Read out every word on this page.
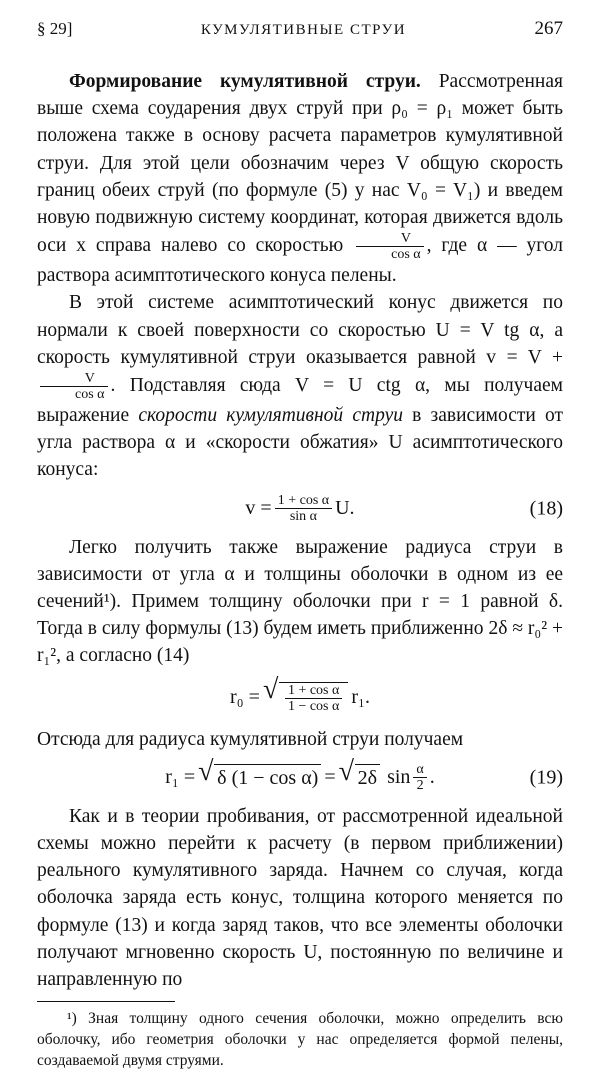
§ 29]	КУМУЛЯТИВНЫЕ СТРУИ	267

Формирование кумулятивной струи. Рассмотренная выше схема соударения двух струй при ρ₀ = ρ₁ может быть положена также в основу расчета параметров кумулятивной струи. Для этой цели обозначим через V общую скорость границ обеих струй (по формуле (5) у нас V₀ = V₁) и введем новую подвижную систему координат, которая движется вдоль оси x справа налево со скоростью $\frac{V}{\text{cos α}}$ , где α — угол раствора асимптотического конуса пелены.

В этой системе асимптотический конус движется по нормали к своей поверхности со скоростью U = V tg α, а скорость кумулятивной струи оказывается равной v = V +
$\frac{V}{\text{cos α}}$ . Подставляя сюда V = U ctg α, мы получаем выражение скорости кумулятивной струи в зависимости от угла раствора α и «скорости обжатия» U асимптотического конуса:

$v = \frac{\text{1 + cos α}}{\text{sin α}} U$.	(18)

Легко получить также выражение радиуса струи в зависимости от угла α и толщины оболочки в одном из ее сечений¹). Примем толщину оболочки при r = 1 равной δ. Тогда в силу формулы (13) будем иметь приближенно 2δ ≈ r₀² + r₁², а согласно (14)

r₀ = √ $\frac{\text{1 + cos α}}{\text{1 − cos α}} r_1$.

Отсюда для радиуса кумулятивной струи получаем

r₁ =	√ δ (1 − cos α) =	√ 2δ $\sin \frac{\alpha}{2}$ .	(19)

Как и в теории пробивания, от рассмотренной идеальной схемы можно перейти к расчету (в первом приближении) реального кумулятивного заряда. Начнем со случая, когда оболочка заряда есть конус, толщина которого меняется по формуле (13) и когда заряд таков, что все элементы оболочки получают мгновенно скорость U, постоянную по величине и направленную по

¹) Зная толщину одного сечения оболочки, можно определить всю оболочку, ибо геометрия оболочки у нас определяется формой пелены, создаваемой двумя струями.
